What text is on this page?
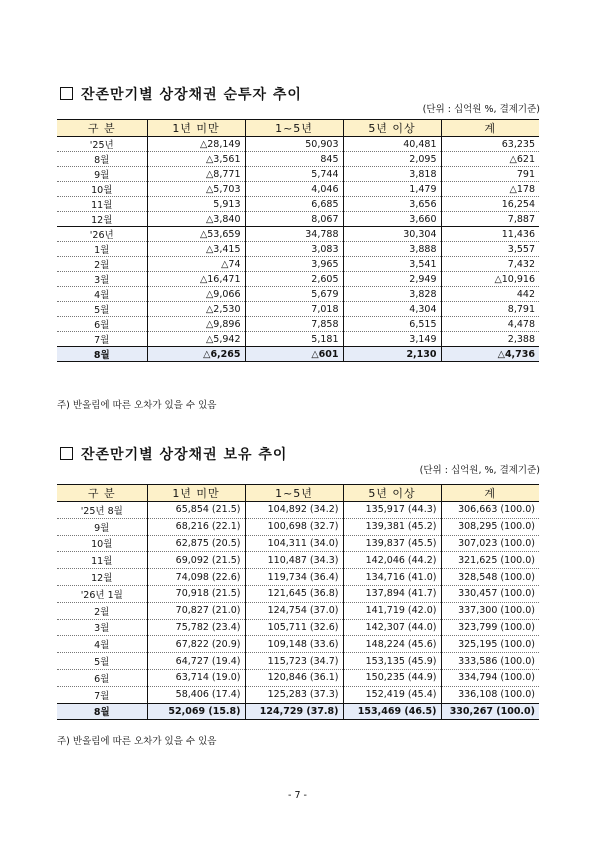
잔존만기별 상장채권 순투자 추이
(단위 : 십억원 %, 결제기준)
구 분	1년 미만	1~5년	5년 이상	계
'25년	△28,149	50,903	40,481	63,235
8월	△3,561	845	2,095	△621
9월	△8,771	5,744	3,818	791
10월	△5,703	4,046	1,479	△178
11월	5,913	6,685	3,656	16,254
12월	△3,840	8,067	3,660	7,887
'26년	△53,659	34,788	30,304	11,436
1월	△3,415	3,083	3,888	3,557
2월	△74	3,965	3,541	7,432
3월	△16,471	2,605	2,949	△10,916
4월	△9,066	5,679	3,828	442
5월	△2,530	7,018	4,304	8,791
6월	△9,896	7,858	6,515	4,478
7월	△5,942	5,181	3,149	2,388
8월	△6,265	△601	2,130	△4,736
주) 반올림에 따른 오차가 있을 수 있음
잔존만기별 상장채권 보유 추이
(단위 : 십억원, %, 결제기준)
구 분	1년 미만	1~5년	5년 이상	계
'25년 8월	65,854 (21.5)	104,892 (34.2)	135,917 (44.3)	306,663 (100.0)
9월	68,216 (22.1)	100,698 (32.7)	139,381 (45.2)	308,295 (100.0)
10월	62,875 (20.5)	104,311 (34.0)	139,837 (45.5)	307,023 (100.0)
11월	69,092 (21.5)	110,487 (34.3)	142,046 (44.2)	321,625 (100.0)
12월	74,098 (22.6)	119,734 (36.4)	134,716 (41.0)	328,548 (100.0)
'26년 1월	70,918 (21.5)	121,645 (36.8)	137,894 (41.7)	330,457 (100.0)
2월	70,827 (21.0)	124,754 (37.0)	141,719 (42.0)	337,300 (100.0)
3월	75,782 (23.4)	105,711 (32.6)	142,307 (44.0)	323,799 (100.0)
4월	67,822 (20.9)	109,148 (33.6)	148,224 (45.6)	325,195 (100.0)
5월	64,727 (19.4)	115,723 (34.7)	153,135 (45.9)	333,586 (100.0)
6월	63,714 (19.0)	120,846 (36.1)	150,235 (44.9)	334,794 (100.0)
7월	58,406 (17.4)	125,283 (37.3)	152,419 (45.4)	336,108 (100.0)
8월	52,069 (15.8)	124,729 (37.8)	153,469 (46.5)	330,267 (100.0)
주) 반올림에 따른 오차가 있을 수 있음
- 7 -
